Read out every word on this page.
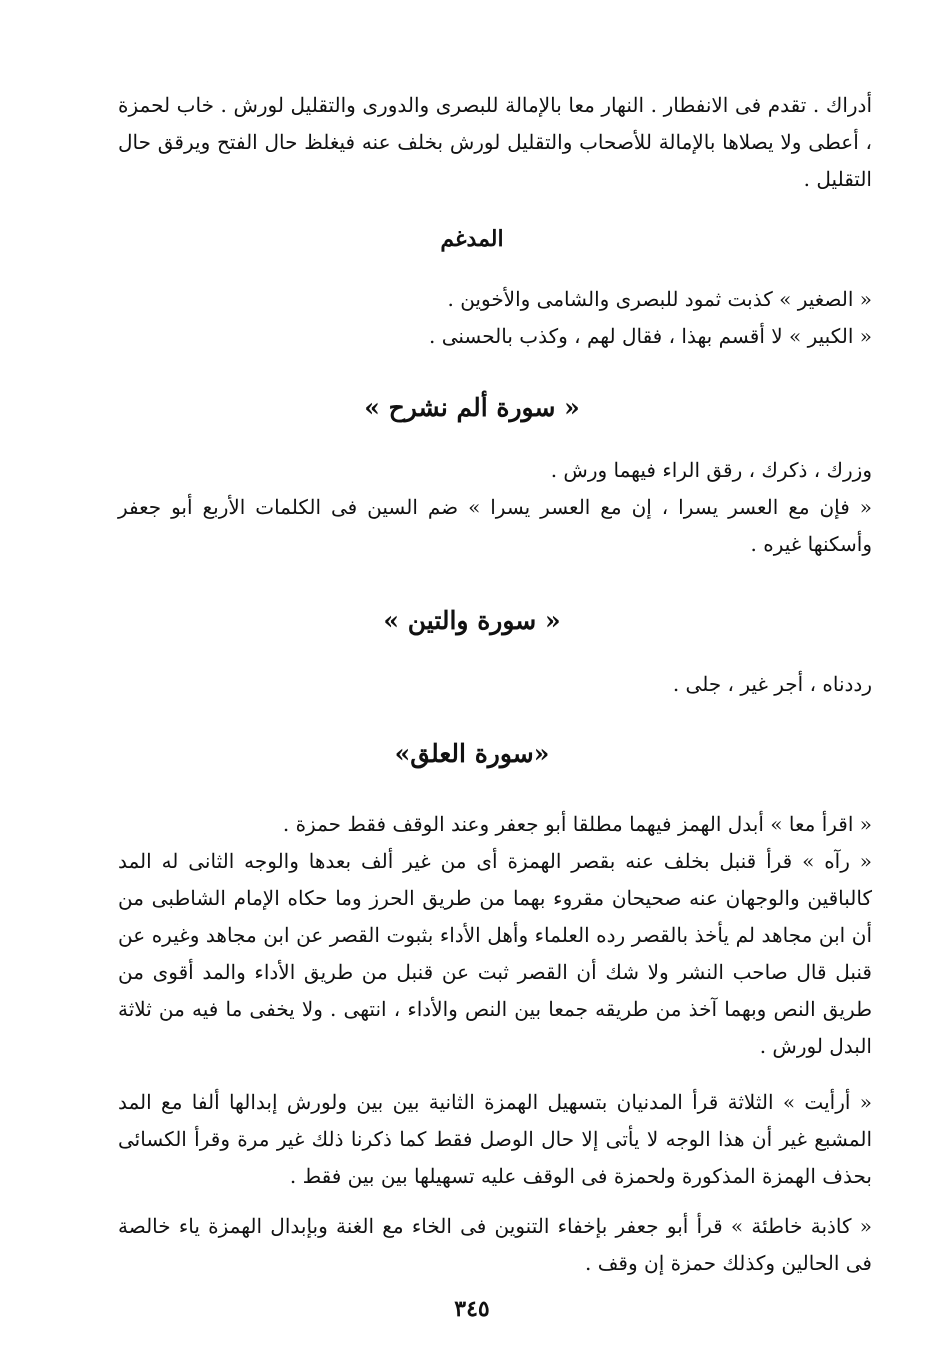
أدراك . تقدم فى الانفطار . النهار معا بالإمالة للبصرى والدورى والتقليل لورش . خاب لحمزة ، أعطى ولا يصلاها بالإمالة للأصحاب والتقليل لورش بخلف عنه فيغلظ حال الفتح ويرقق حال التقليل .

المدغم

« الصغير » كذبت ثمود للبصرى والشامى والأخوين .

« الكبير » لا أقسم بهذا ، فقال لهم ، وكذب بالحسنى .

« سورة ألم نشرح »

وزرك ، ذكرك ، رقق الراء فيهما ورش .

« فإن مع العسر يسرا ، إن مع العسر يسرا » ضم السين فى الكلمات الأربع أبو جعفر وأسكنها غيره .

« سورة والتين »

رددناه ، أجر غير ، جلى .

«سورة العلق»

« اقرأ معا » أبدل الهمز فيهما مطلقا أبو جعفر وعند الوقف فقط حمزة .

« رآه » قرأ قنبل بخلف عنه بقصر الهمزة أى من غير ألف بعدها والوجه الثانى له المد كالباقين والوجهان عنه صحيحان مقروء بهما من طريق الحرز وما حكاه الإمام الشاطبى من أن ابن مجاهد لم يأخذ بالقصر رده العلماء وأهل الأداء بثبوت القصر عن ابن مجاهد وغيره عن قنبل قال صاحب النشر ولا شك أن القصر ثبت عن قنبل من طريق الأداء والمد أقوى من طريق النص وبهما آخذ من طريقه جمعا بين النص والأداء ، انتهى . ولا يخفى ما فيه من ثلاثة البدل لورش .

« أرأيت » الثلاثة قرأ المدنيان بتسهيل الهمزة الثانية بين بين ولورش إبدالها ألفا مع المد المشبع غير أن هذا الوجه لا يأتى إلا حال الوصل فقط كما ذكرنا ذلك غير مرة وقرأ الكسائى بحذف الهمزة المذكورة ولحمزة فى الوقف عليه تسهيلها بين بين فقط .

« كاذبة خاطئة » قرأ أبو جعفر بإخفاء التنوين فى الخاء مع الغنة وبإبدال الهمزة ياء خالصة فى الحالين وكذلك حمزة إن وقف .

٣٤٥
